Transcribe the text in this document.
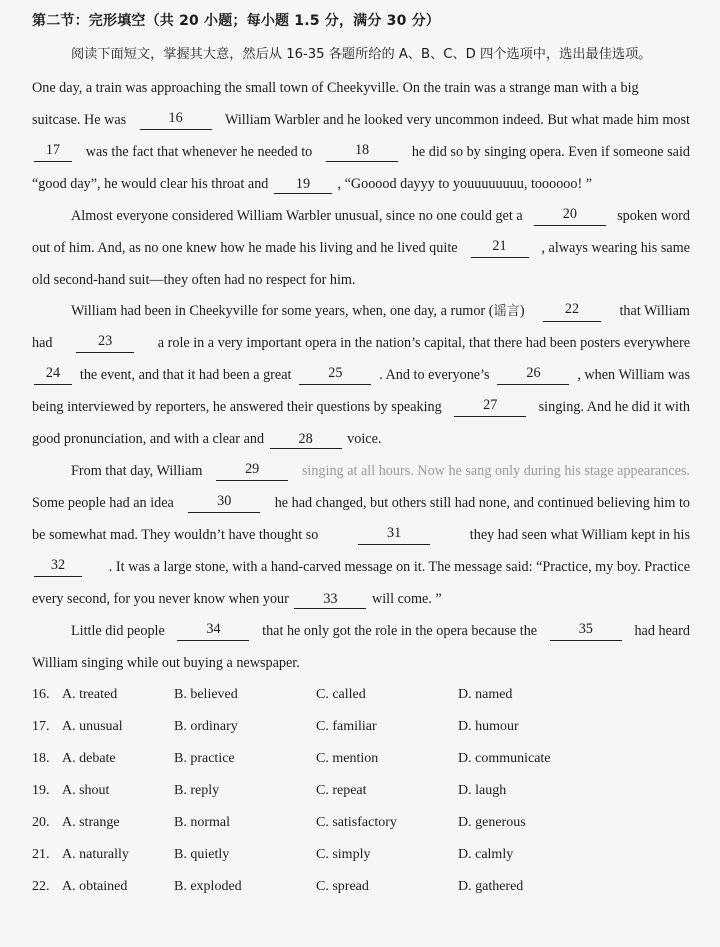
第二节：完形填空（共 20 小题；每小题 1.5 分，满分 30 分）
阅读下面短文，掌握其大意，然后从 16-35 各题所给的 A、B、C、D 四个选项中，选出最佳选项。
One day, a train was approaching the small town of Cheekyville. On the train was a strange man with a big
suitcase. He was	16	William Warbler and he looked very uncommon indeed. But what made him most
17	was the fact that whenever he needed to	18	he did so by singing opera. Even if someone said
“good day”, he would clear his throat and 19 , “Gooood dayyy to youuuuuuuu, toooooo! ”
Almost everyone considered William Warbler unusual, since no one could get a	20	spoken word
out of him. And, as no one knew how he made his living and he lived quite	21	, always wearing his same
old second-hand suit—they often had no respect for him.
William had been in Cheekyville for some years, when, one day, a rumor (谣言)	22	that William
had	23	a role in a very important opera in the nation’s capital, that there had been posters everywhere
24	the event, and that it had been a great	25	. And to everyone’s	26	, when William was
being interviewed by reporters, he answered their questions by speaking	27	singing. And he did it with
good pronunciation, and with a clear and 28 voice.
From that day, William	29	singing at all hours. Now he sang only during his stage appearances.
Some people had an idea	30	he had changed, but others still had none, and continued believing him to
be somewhat mad. They wouldn’t have thought so	31	they had seen what William kept in his
32	. It was a large stone, with a hand-carved message on it. The message said: “Practice, my boy. Practice
every second, for you never know when your 33 will come. ”
Little did people	34	that he only got the role in the opera because the	35	had heard
William singing while out buying a newspaper.
16. A. treated	B. believed	C. called	D. named
17. A. unusual	B. ordinary	C. familiar	D. humour
18. A. debate	B. practice	C. mention	D. communicate
19. A. shout	B. reply	C. repeat	D. laugh
20. A. strange	B. normal	C. satisfactory	D. generous
21. A. naturally	B. quietly	C. simply	D. calmly
22. A. obtained	B. exploded	C. spread	D. gathered
